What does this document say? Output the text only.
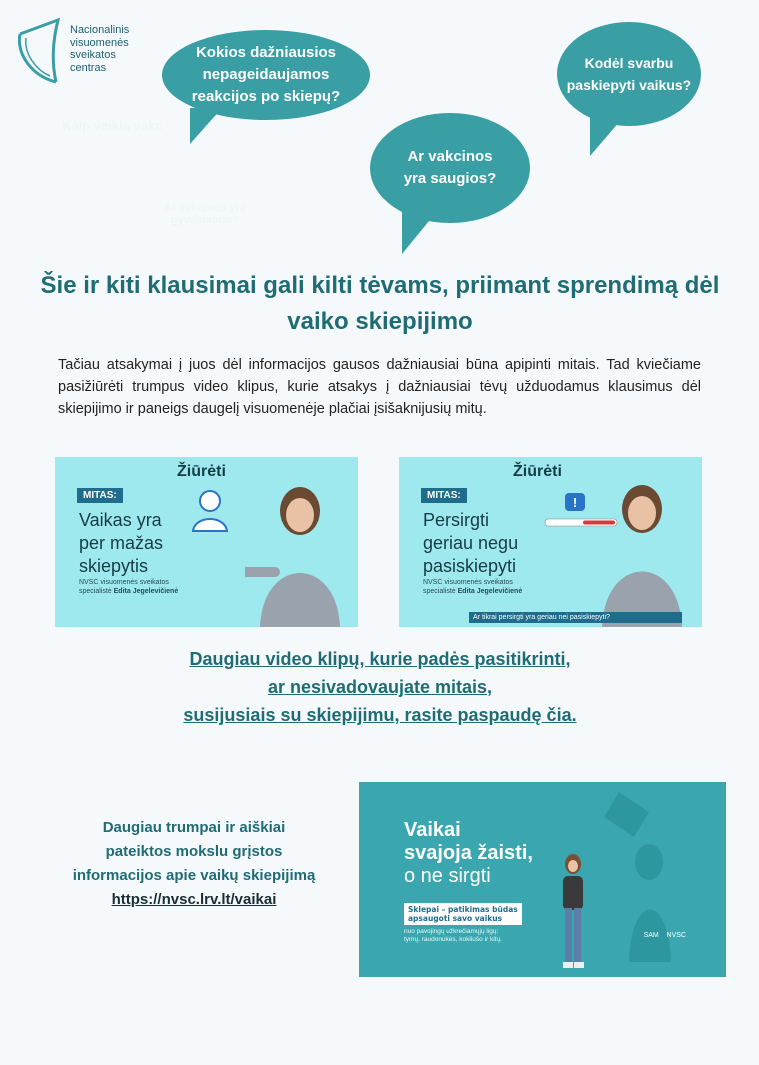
Nacionalinis
visuomenės
sveikatos
centras
Kaip veikia vakc
Ar vakcinos yra gyvsidabrio?
Kokios dažniausios nepageidaujamos reakcijos po skiepų?
Ar vakcinos yra saugios?
Kodėl svarbu paskiepyti vaikus?
Šie ir kiti klausimai gali kilti tėvams, priimant sprendimą dėl vaiko skiepijimo
Tačiau atsakymai į juos dėl informacijos gausos dažniausiai būna apipinti mitais. Tad kviečiame pasižiūrėti trumpus video klipus, kurie atsakys į dažniausiai tėvų užduodamus klausimus dėl skiepijimo ir paneigs daugelį visuomenėje plačiai įsišaknijusių mitų.
Žiūrėti
MITAS:
Vaikas yra
per mažas
skiepytis
NVSC visuomenės sveikatos
specialistė Edita Jegelevičienė
Žiūrėti
MITAS:
Persirgti
geriau negu
pasiskiepyti
NVSC visuomenės sveikatos
specialistė Edita Jegelevičienė
!
Ar tikrai persirgti yra geriau nei pasiskiepyti?
Daugiau video klipų, kurie padės pasitikrinti,
ar nesivadovaujate mitais,
susijusiais su skiepijimu, rasite paspaudę čia.
Daugiau trumpai ir aiškiai
pateiktos mokslu grįstos
informacijos apie vaikų skiepijimą
https://nvsc.lrv.lt/vaikai
Vaikai
svajoja žaisti,
o ne sirgti
Skiepai – patikimas būdas
apsaugoti savo vaikus
nuo pavojingų užkrečiamųjų ligų:
tymų, raudonukės, kokliušo ir kitų.
SAM NVSC
